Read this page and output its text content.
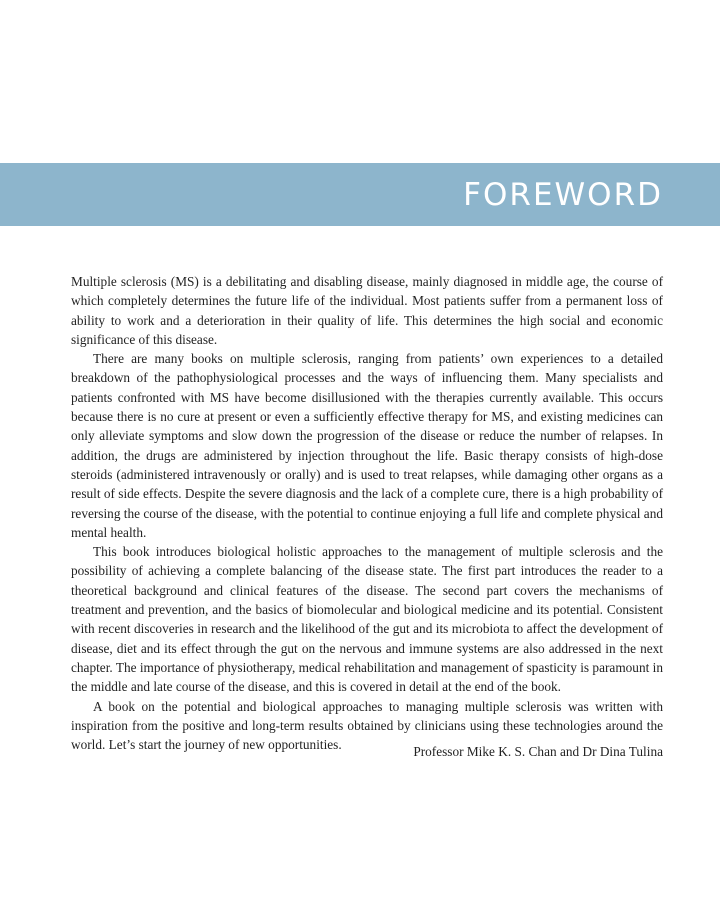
FOREWORD

Multiple sclerosis (MS) is a debilitating and disabling disease, mainly diagnosed in middle age, the course of which completely determines the future life of the individual. Most patients suffer from a permanent loss of ability to work and a deterioration in their quality of life. This determines the high social and economic significance of this disease.

There are many books on multiple sclerosis, ranging from patients’ own experiences to a detailed breakdown of the pathophysiological processes and the ways of influencing them. Many specialists and patients confronted with MS have become disillusioned with the therapies currently available. This occurs because there is no cure at present or even a sufficiently effective therapy for MS, and existing medicines can only alleviate symptoms and slow down the progression of the disease or reduce the number of relapses. In addition, the drugs are administered by injection throughout the life. Basic therapy consists of high-dose steroids (administered intravenously or orally) and is used to treat relapses, while damaging other organs as a result of side effects. Despite the severe diagnosis and the lack of a complete cure, there is a high probability of reversing the course of the disease, with the potential to continue enjoying a full life and complete physical and mental health.

This book introduces biological holistic approaches to the management of multiple sclerosis and the possibility of achieving a complete balancing of the disease state. The first part introduces the reader to a theoretical background and clinical features of the disease. The second part covers the mechanisms of treatment and prevention, and the basics of biomolecular and biological medicine and its potential. Consistent with recent discoveries in research and the likelihood of the gut and its microbiota to affect the development of disease, diet and its effect through the gut on the nervous and immune systems are also addressed in the next chapter. The importance of physiotherapy, medical rehabilitation and management of spasticity is paramount in the middle and late course of the disease, and this is covered in detail at the end of the book.

A book on the potential and biological approaches to managing multiple sclerosis was written with inspiration from the positive and long-term results obtained by clinicians using these technologies around the world. Let’s start the journey of new opportunities.	Professor Mike K. S. Chan and Dr Dina Tulina
